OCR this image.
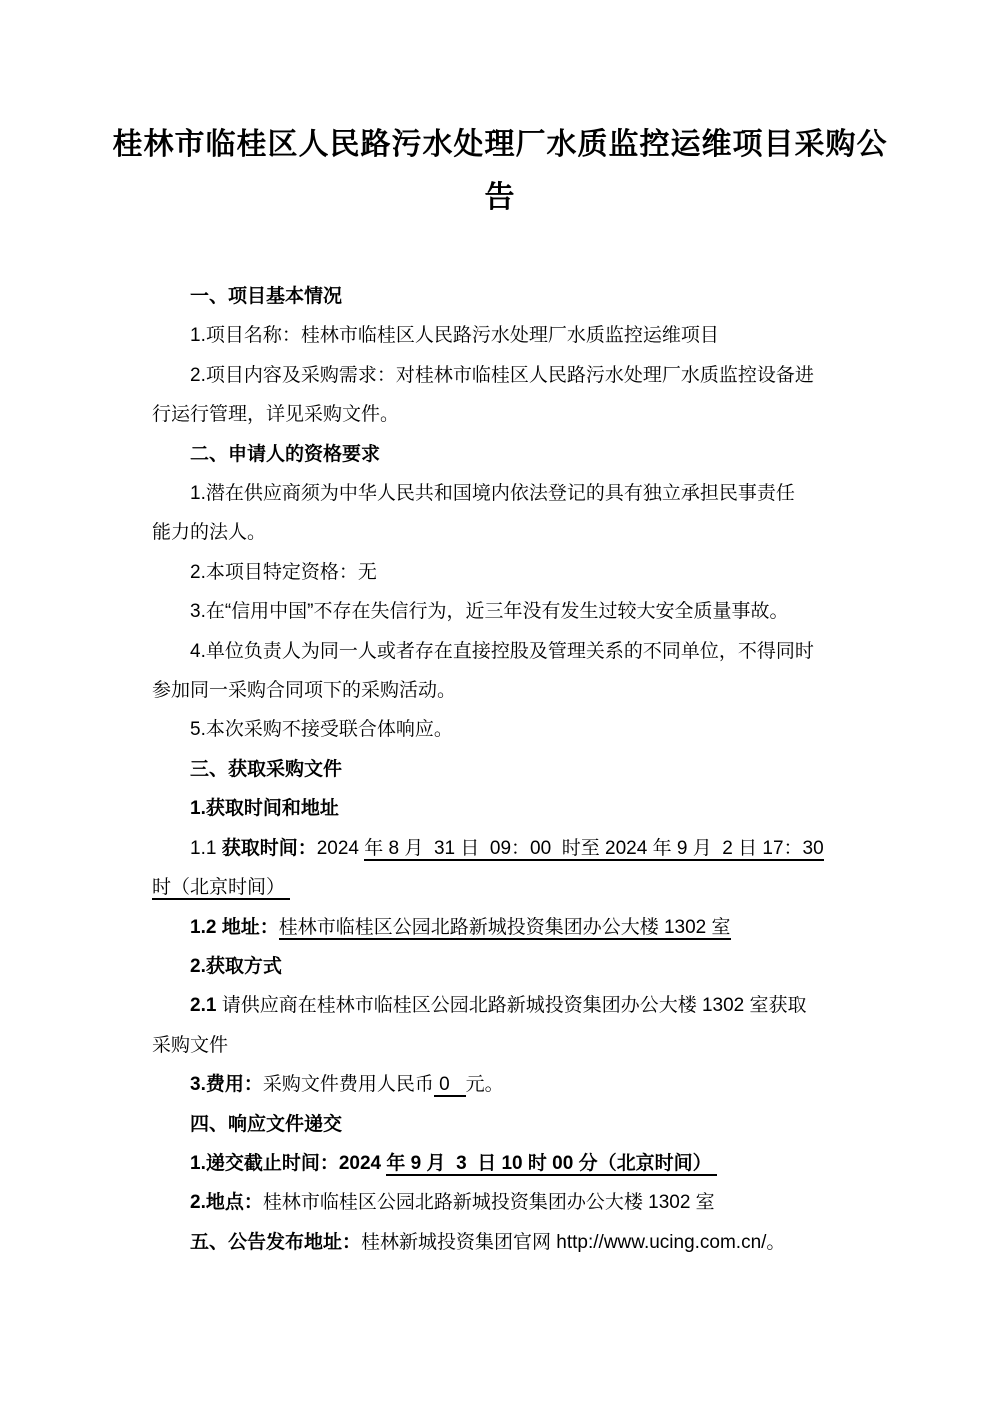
桂林市临桂区人民路污水处理厂水质监控运维项目采购公
告

一、项目基本情况

1.项目名称：桂林市临桂区人民路污水处理厂水质监控运维项目

2.项目内容及采购需求：对桂林市临桂区人民路污水处理厂水质监控设备进

行运行管理，详见采购文件。

二、申请人的资格要求

1.潜在供应商须为中华人民共和国境内依法登记的具有独立承担民事责任

能力的法人。

2.本项目特定资格：无

3.在“信用中国”不存在失信行为，近三年没有发生过较大安全质量事故。

4.单位负责人为同一人或者存在直接控股及管理关系的不同单位，不得同时

参加同一采购合同项下的采购活动。

5.本次采购不接受联合体响应。

三、获取采购文件

1.获取时间和地址

1.1 获取时间：2024 年 8 月  31 日  09：00  时至 2024 年 9 月  2 日 17：30

时（北京时间）

1.2 地址：桂林市临桂区公园北路新城投资集团办公大楼 1302 室

2.获取方式

2.1 请供应商在桂林市临桂区公园北路新城投资集团办公大楼 1302 室获取

采购文件

3.费用：采购文件费用人民币 0   元。

四、响应文件递交

1.递交截止时间：2024 年 9 月  3  日 10 时 00 分（北京时间）

2.地点：桂林市临桂区公园北路新城投资集团办公大楼 1302 室

五、公告发布地址：桂林新城投资集团官网 http://www.ucing.com.cn/。
